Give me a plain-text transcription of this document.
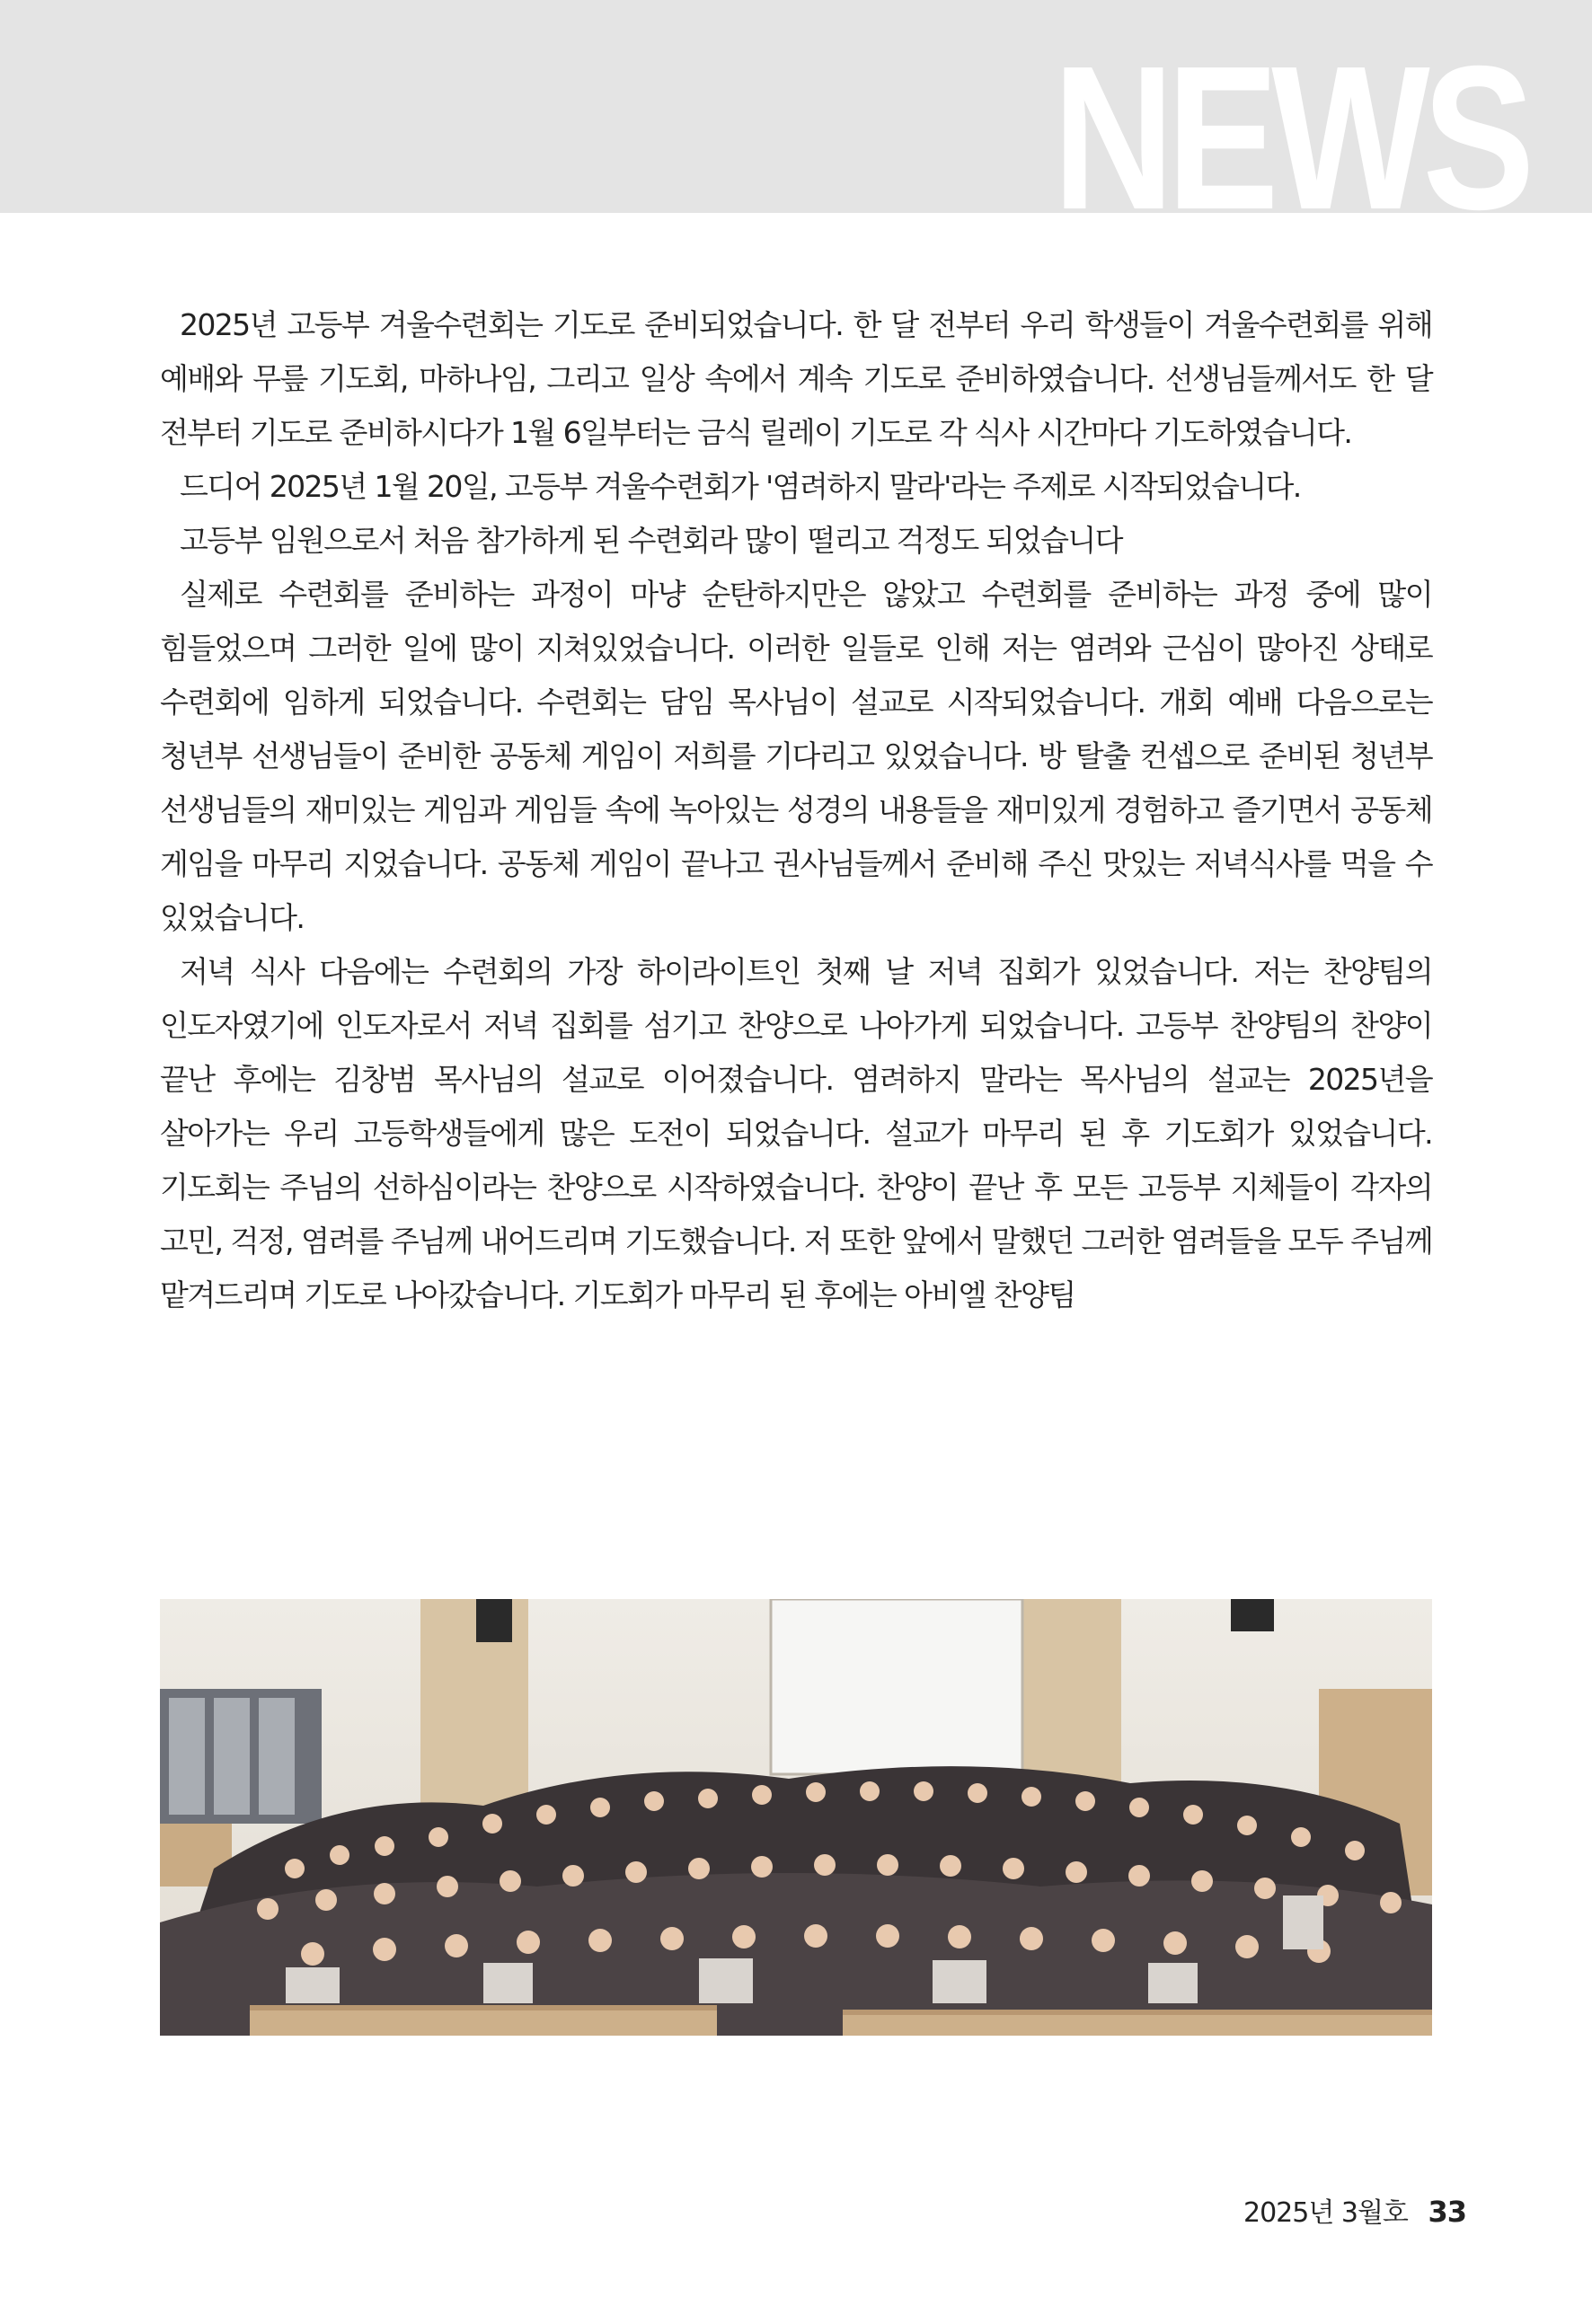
NEWS

2025년 고등부 겨울수련회는 기도로 준비되었습니다. 한 달 전부터 우리 학생들이 겨울수련회를 위해 예배와 무릎 기도회, 마하나임, 그리고 일상 속에서 계속 기도로 준비하였습니다. 선생님들께서도 한 달 전부터 기도로 준비하시다가 1월 6일부터는 금식 릴레이 기도로 각 식사 시간마다 기도하였습니다.

드디어 2025년 1월 20일, 고등부 겨울수련회가 '염려하지 말라'라는 주제로 시작되었습니다.

고등부 임원으로서 처음 참가하게 된 수련회라 많이 떨리고 걱정도 되었습니다

실제로 수련회를 준비하는 과정이 마냥 순탄하지만은 않았고 수련회를 준비하는 과정 중에 많이 힘들었으며 그러한 일에 많이 지쳐있었습니다. 이러한 일들로 인해 저는 염려와 근심이 많아진 상태로 수련회에 임하게 되었습니다. 수련회는 담임 목사님이 설교로 시작되었습니다. 개회 예배 다음으로는 청년부 선생님들이 준비한 공동체 게임이 저희를 기다리고 있었습니다. 방 탈출 컨셉으로 준비된 청년부 선생님들의 재미있는 게임과 게임들 속에 녹아있는 성경의 내용들을 재미있게 경험하고 즐기면서 공동체 게임을 마무리 지었습니다. 공동체 게임이 끝나고 권사님들께서 준비해 주신 맛있는 저녁식사를 먹을 수 있었습니다.

저녁 식사 다음에는 수련회의 가장 하이라이트인 첫째 날 저녁 집회가 있었습니다. 저는 찬양팀의 인도자였기에 인도자로서 저녁 집회를 섬기고 찬양으로 나아가게 되었습니다. 고등부 찬양팀의 찬양이 끝난 후에는 김창범 목사님의 설교로 이어졌습니다. 염려하지 말라는 목사님의 설교는 2025년을 살아가는 우리 고등학생들에게 많은 도전이 되었습니다. 설교가 마무리 된 후 기도회가 있었습니다. 기도회는 주님의 선하심이라는 찬양으로 시작하였습니다. 찬양이 끝난 후 모든 고등부 지체들이 각자의 고민, 걱정, 염려를 주님께 내어드리며 기도했습니다. 저 또한 앞에서 말했던 그러한 염려들을 모두 주님께 맡겨드리며 기도로 나아갔습니다. 기도회가 마무리 된 후에는 아비엘 찬양팀

2025년 3월호 33
